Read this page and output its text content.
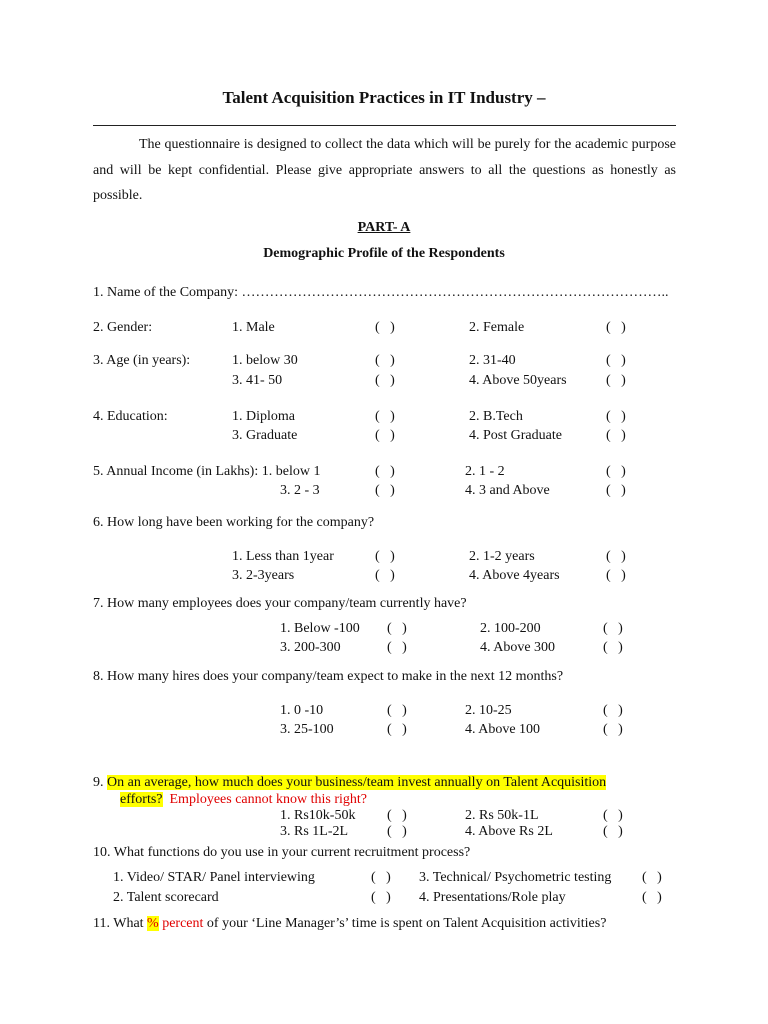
Talent Acquisition Practices in IT Industry –
The questionnaire is designed to collect the data which will be purely for the academic purpose and will be kept confidential. Please give appropriate answers to all the questions as honestly as possible.
PART- A
Demographic Profile of the Respondents
1. Name of the Company: ………………………………………………………………………………..
2. Gender:	1. Male	(   )	2. Female	(   )
3. Age (in years):	1. below 30	(   )	2. 31-40	(   )
3. 41- 50	(   )	4. Above 50years	(   )
4. Education:	1. Diploma	(   )	2. B.Tech	(   )
3. Graduate	(   )	4. Post Graduate	(   )
5. Annual Income (in Lakhs): 1. below 1	(   )	2. 1 - 2	(   )
3. 2 - 3	(   )	4. 3 and Above	(   )
6. How long have been working for the company?
1. Less than 1year	(   )	2. 1-2 years	(   )
3. 2-3years	(   )	4. Above 4years	(   )
7. How many employees does your company/team currently have?
1. Below -100 (   )	2. 100-200	(   )
3. 200-300	(   )	4. Above 300	(   )
8. How many hires does your company/team expect to make in the next 12 months?
1. 0 -10	(   )	2. 10-25	(   )
3. 25-100	(   )	4. Above 100	(   )
9. On an average, how much does your business/team invest annually on Talent Acquisition
efforts? Employees cannot know this right?
1. Rs10k-50k (   )	2. Rs 50k-1L	(   )
3. Rs 1L-2L	(   )	4. Above Rs 2L	(   )
10. What functions do you use in your current recruitment process?
1. Video/ STAR/ Panel interviewing	(   ) 3. Technical/ Psychometric testing (   )
2. Talent scorecard	(   ) 4. Presentations/Role play	(   )
11. What % percent of your ‘Line Manager’s’ time is spent on Talent Acquisition activities?
